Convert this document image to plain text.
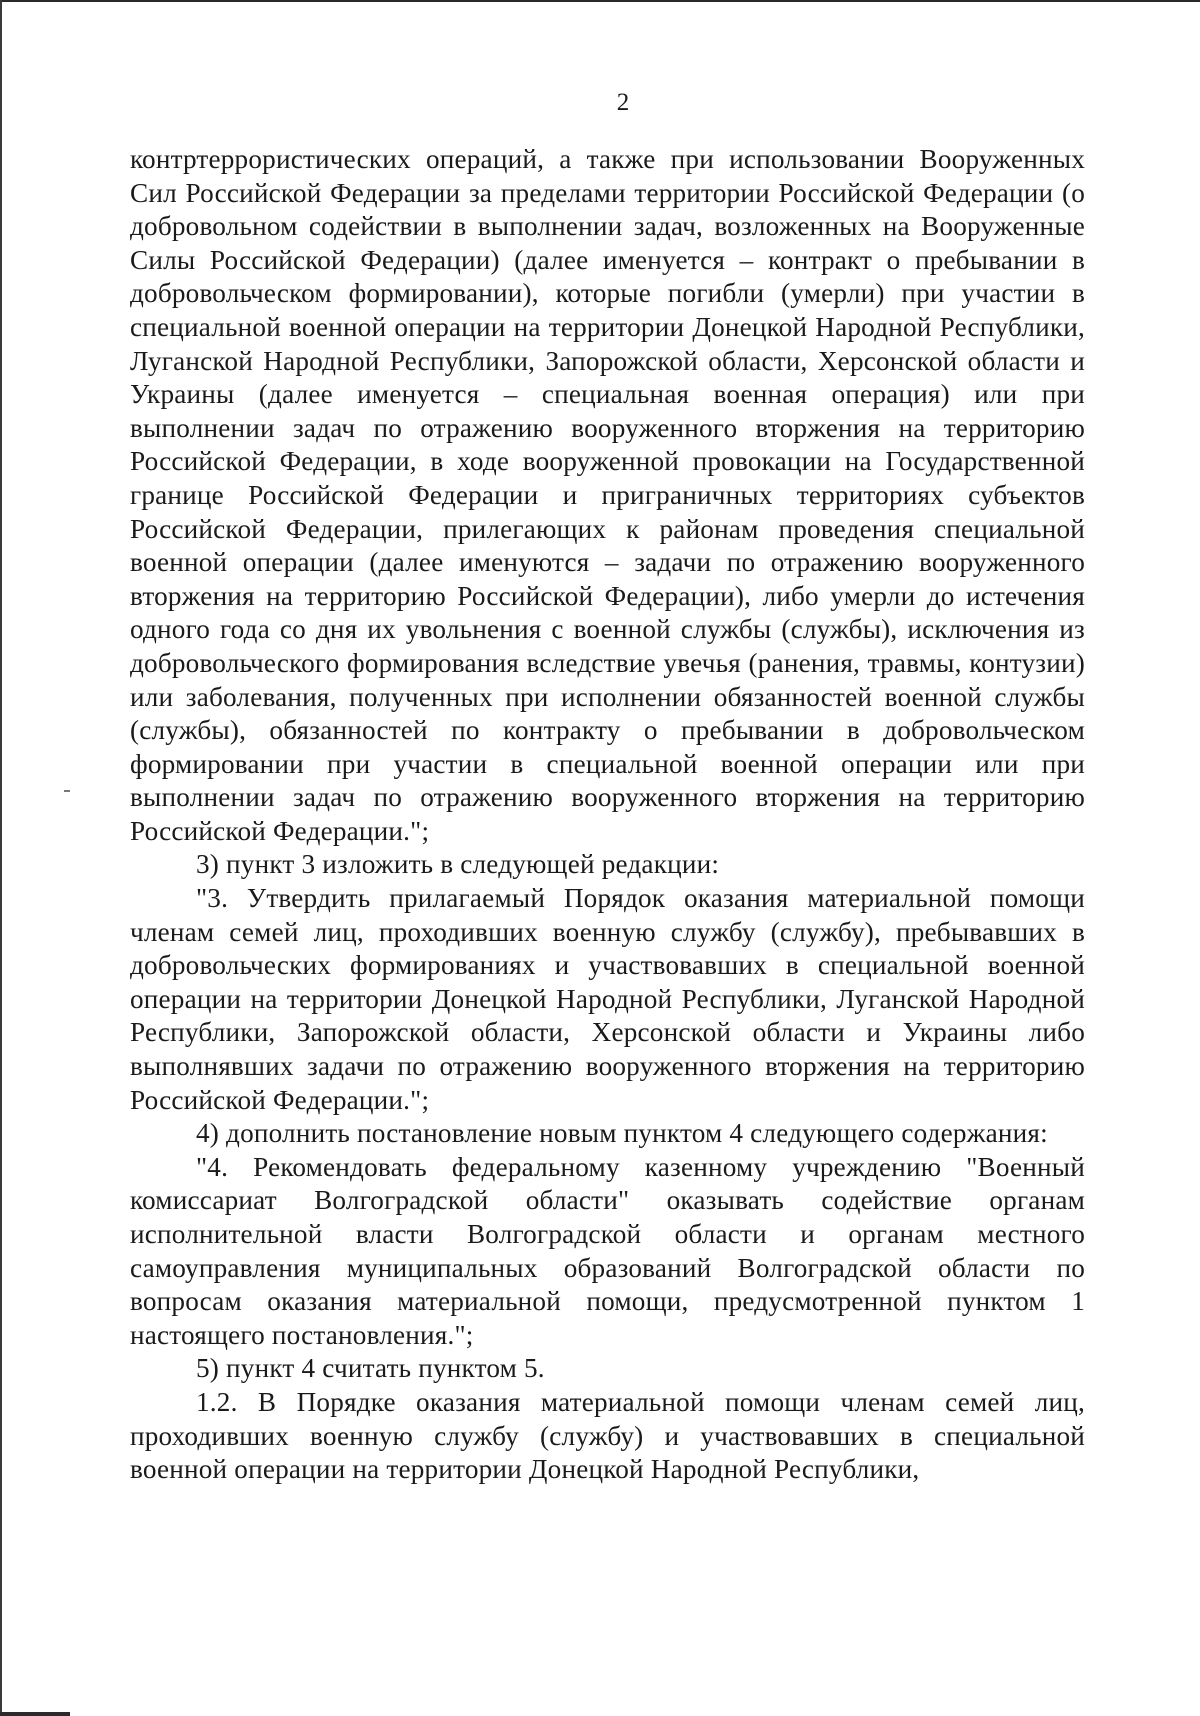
2

контртеррористических операций, а также при использовании Вооруженных Сил Российской Федерации за пределами территории Российской Федерации (о добровольном содействии в выполнении задач, возложенных на Вооруженные Силы Российской Федерации) (далее именуется – контракт о пребывании в добровольческом формировании), которые погибли (умерли) при участии в специальной военной операции на территории Донецкой Народной Республики, Луганской Народной Республики, Запорожской области, Херсонской области и Украины (далее именуется – специальная военная операция) или при выполнении задач по отражению вооруженного вторжения на территорию Российской Федерации, в ходе вооруженной провокации на Государственной границе Российской Федерации и приграничных территориях субъектов Российской Федерации, прилегающих к районам проведения специальной военной операции (далее именуются – задачи по отражению вооруженного вторжения на территорию Российской Федерации), либо умерли до истечения одного года со дня их увольнения с военной службы (службы), исключения из добровольческого формирования вследствие увечья (ранения, травмы, контузии) или заболевания, полученных при исполнении обязанностей военной службы (службы), обязанностей по контракту о пребывании в добровольческом формировании при участии в специальной военной операции или при выполнении задач по отражению вооруженного вторжения на территорию Российской Федерации.";

3) пункт 3 изложить в следующей редакции:

"3. Утвердить прилагаемый Порядок оказания материальной помощи членам семей лиц, проходивших военную службу (службу), пребывавших в добровольческих формированиях и участвовавших в специальной военной операции на территории Донецкой Народной Республики, Луганской Народной Республики, Запорожской области, Херсонской области и Украины либо выполнявших задачи по отражению вооруженного вторжения на территорию Российской Федерации.";

4) дополнить постановление новым пунктом 4 следующего содержания:

"4. Рекомендовать федеральному казенному учреждению "Военный комиссариат Волгоградской области" оказывать содействие органам исполнительной власти Волгоградской области и органам местного самоуправления муниципальных образований Волгоградской области по вопросам оказания материальной помощи, предусмотренной пунктом 1 настоящего постановления.";

5) пункт 4 считать пунктом 5.

1.2. В Порядке оказания материальной помощи членам семей лиц, проходивших военную службу (службу) и участвовавших в специальной военной операции на территории Донецкой Народной Республики,
